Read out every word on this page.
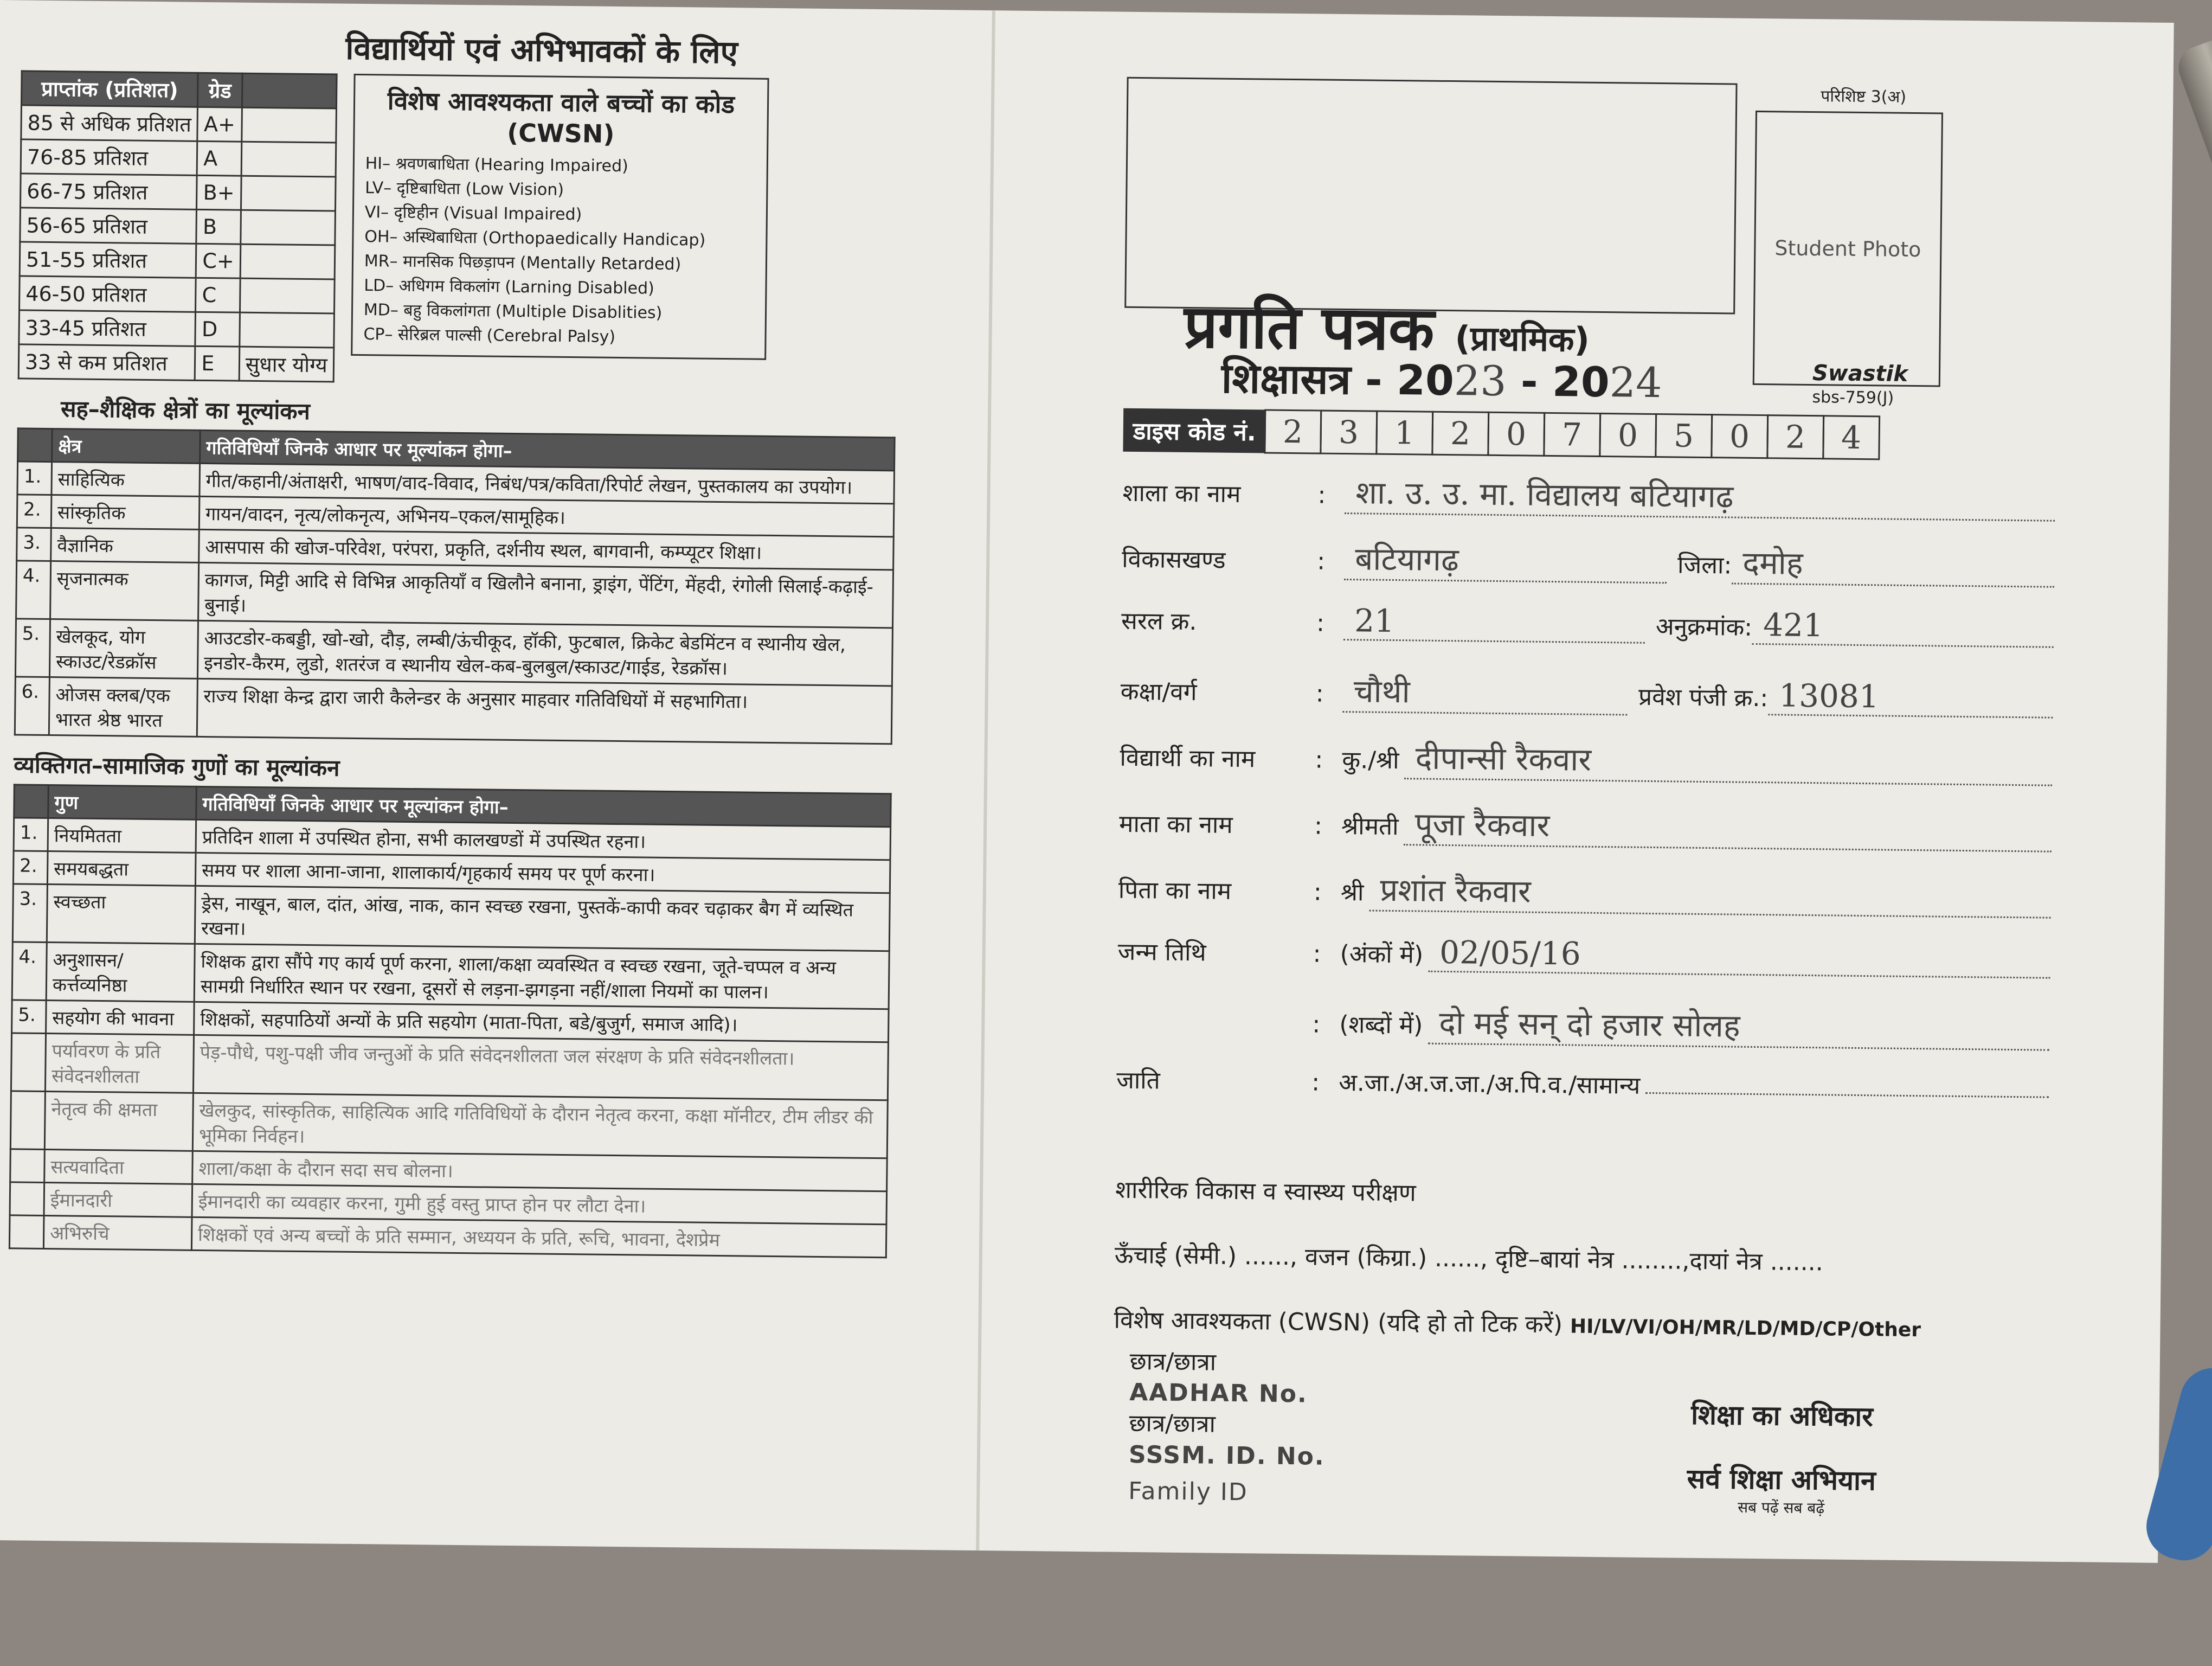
विद्यार्थियों एवं अभिभावकों के लिए
प्राप्तांक (प्रतिशत)	ग्रेड	
85 से अधिक प्रतिशत	A+	
76-85 प्रतिशत	A	
66-75 प्रतिशत	B+	
56-65 प्रतिशत	B	
51-55 प्रतिशत	C+	
46-50 प्रतिशत	C	
33-45 प्रतिशत	D	
33 से कम प्रतिशत	E	सुधार योग्य
विशेष आवश्यकता वाले बच्चों का कोड (CWSN)
HI– श्रवणबाधिता (Hearing Impaired)
LV– दृष्टिबाधिता (Low Vision)
VI– दृष्टिहीन (Visual Impaired)
OH– अस्थिबाधिता (Orthopaedically Handicap)
MR– मानसिक पिछड़ापन (Mentally Retarded)
LD– अधिगम विकलांग (Larning Disabled)
MD– बहु विकलांगता (Multiple Disablities)
CP– सेरिब्रल पाल्सी (Cerebral Palsy)
सह–शैक्षिक क्षेत्रों का मूल्यांकन
	क्षेत्र	गतिविधियाँ जिनके आधार पर मूल्यांकन होगा–
1.	साहित्यिक	गीत/कहानी/अंताक्षरी, भाषण/वाद-विवाद, निबंध/पत्र/कविता/रिपोर्ट लेखन, पुस्तकालय का उपयोग।
2.	सांस्कृतिक	गायन/वादन, नृत्य/लोकनृत्य, अभिनय–एकल/सामूहिक।
3.	वैज्ञानिक	आसपास की खोज-परिवेश, परंपरा, प्रकृति, दर्शनीय स्थल, बागवानी, कम्प्यूटर शिक्षा।
4.	सृजनात्मक	कागज, मिट्टी आदि से विभिन्न आकृतियाँ व खिलौने बनाना, ड्राइंग, पेंटिंग, मेंहदी, रंगोली सिलाई-कढ़ाई-बुनाई।
5.	खेलकूद, योग स्काउट/रेडक्रॉस	आउटडोर-कबड्डी, खो-खो, दौड़, लम्बी/ऊंचीकूद, हॉकी, फुटबाल, क्रिकेट बेडमिंटन व स्थानीय खेल, इनडोर-कैरम, लुडो, शतरंज व स्थानीय खेल-कब-बुलबुल/स्काउट/गाईड, रेडक्रॉस।
6.	ओजस क्लब/एक भारत श्रेष्ठ भारत	राज्य शिक्षा केन्द्र द्वारा जारी कैलेन्डर के अनुसार माहवार गतिविधियों में सहभागिता।
व्यक्तिगत–सामाजिक गुणों का मूल्यांकन
	गुण	गतिविधियाँ जिनके आधार पर मूल्यांकन होगा–
1.	नियमितता	प्रतिदिन शाला में उपस्थित होना, सभी कालखण्डों में उपस्थित रहना।
2.	समयबद्धता	समय पर शाला आना-जाना, शालाकार्य/गृहकार्य समय पर पूर्ण करना।
3.	स्वच्छता	ड्रेस, नाखून, बाल, दांत, आंख, नाक, कान स्वच्छ रखना, पुस्तकें-कापी कवर चढ़ाकर बैग में व्यस्थित रखना।
4.	अनुशासन/कर्त्तव्यनिष्ठा	शिक्षक द्वारा सौंपे गए कार्य पूर्ण करना, शाला/कक्षा व्यवस्थित व स्वच्छ रखना, जूते-चप्पल व अन्य सामग्री निर्धारित स्थान पर रखना, दूसरों से लड़ना-झगड़ना नहीं/शाला नियमों का पालन।
5.	सहयोग की भावना	शिक्षकों, सहपाठियों अन्यों के प्रति सहयोग (माता-पिता, बडे/बुजुर्ग, समाज आदि)।
	पर्यावरण के प्रति संवेदनशीलता	पेड़-पौधे, पशु-पक्षी जीव जन्तुओं के प्रति संवेदनशीलता जल संरक्षण के प्रति संवेदनशीलता।
	नेतृत्व की क्षमता	खेलकुद, सांस्कृतिक, साहित्यिक आदि गतिविधियों के दौरान नेतृत्व करना, कक्षा मॉनीटर, टीम लीडर की भूमिका निर्वहन।
	सत्यवादिता	शाला/कक्षा के दौरान सदा सच बोलना।
	ईमानदारी	ईमानदारी का व्यवहार करना, गुमी हुई वस्तु प्राप्त होन पर लौटा देना।
	अभिरुचि	शिक्षकों एवं अन्य बच्चों के प्रति सम्मान, अध्ययन के प्रति, रूचि, भावना, देशप्रेम
परिशिष्ट 3(अ)
Student Photo
प्रगति पत्रक (प्राथमिक)
शिक्षासत्र - 2023 - 2024	Swastik
sbs-759(J)
डाइस कोड नं. 2	3	1	2	0	7	0	5	0	2	4
शाला का नाम	: शा. उ. उ. मा. विद्यालय बटियागढ़
विकासखण्ड	: बटियागढ़	जिला: दमोह
सरल क्र.	: 21	अनुक्रमांक: 421
कक्षा/वर्ग	: चौथी	प्रवेश पंजी क्र.: 13081
विद्यार्थी का नाम	: कु./श्री दीपान्सी रैकवार
माता का नाम	: श्रीमती पूजा रैकवार
पिता का नाम	: श्री प्रशांत रैकवार
जन्म तिथि	: (अंकों में) 02/05/16
: (शब्दों में) दो मई सन् दो हजार सोलह
जाति	: अ.जा./अ.ज.जा./अ.पि.व./सामान्य
शारीरिक विकास व स्वास्थ्य परीक्षण
ऊँचाई (सेमी.) ......, वजन (किग्रा.) ......, दृष्टि–बायां नेत्र ........,दायां नेत्र .......
विशेष आवश्यकता (CWSN) (यदि हो तो टिक करें) HI/LV/VI/OH/MR/LD/MD/CP/Other
छात्र/छात्रा
AADHAR No.
छात्र/छात्रा
SSSM. ID. No.
Family ID
शिक्षा का अधिकार
सर्व शिक्षा अभियान
सब पढ़ें सब बढ़ें
